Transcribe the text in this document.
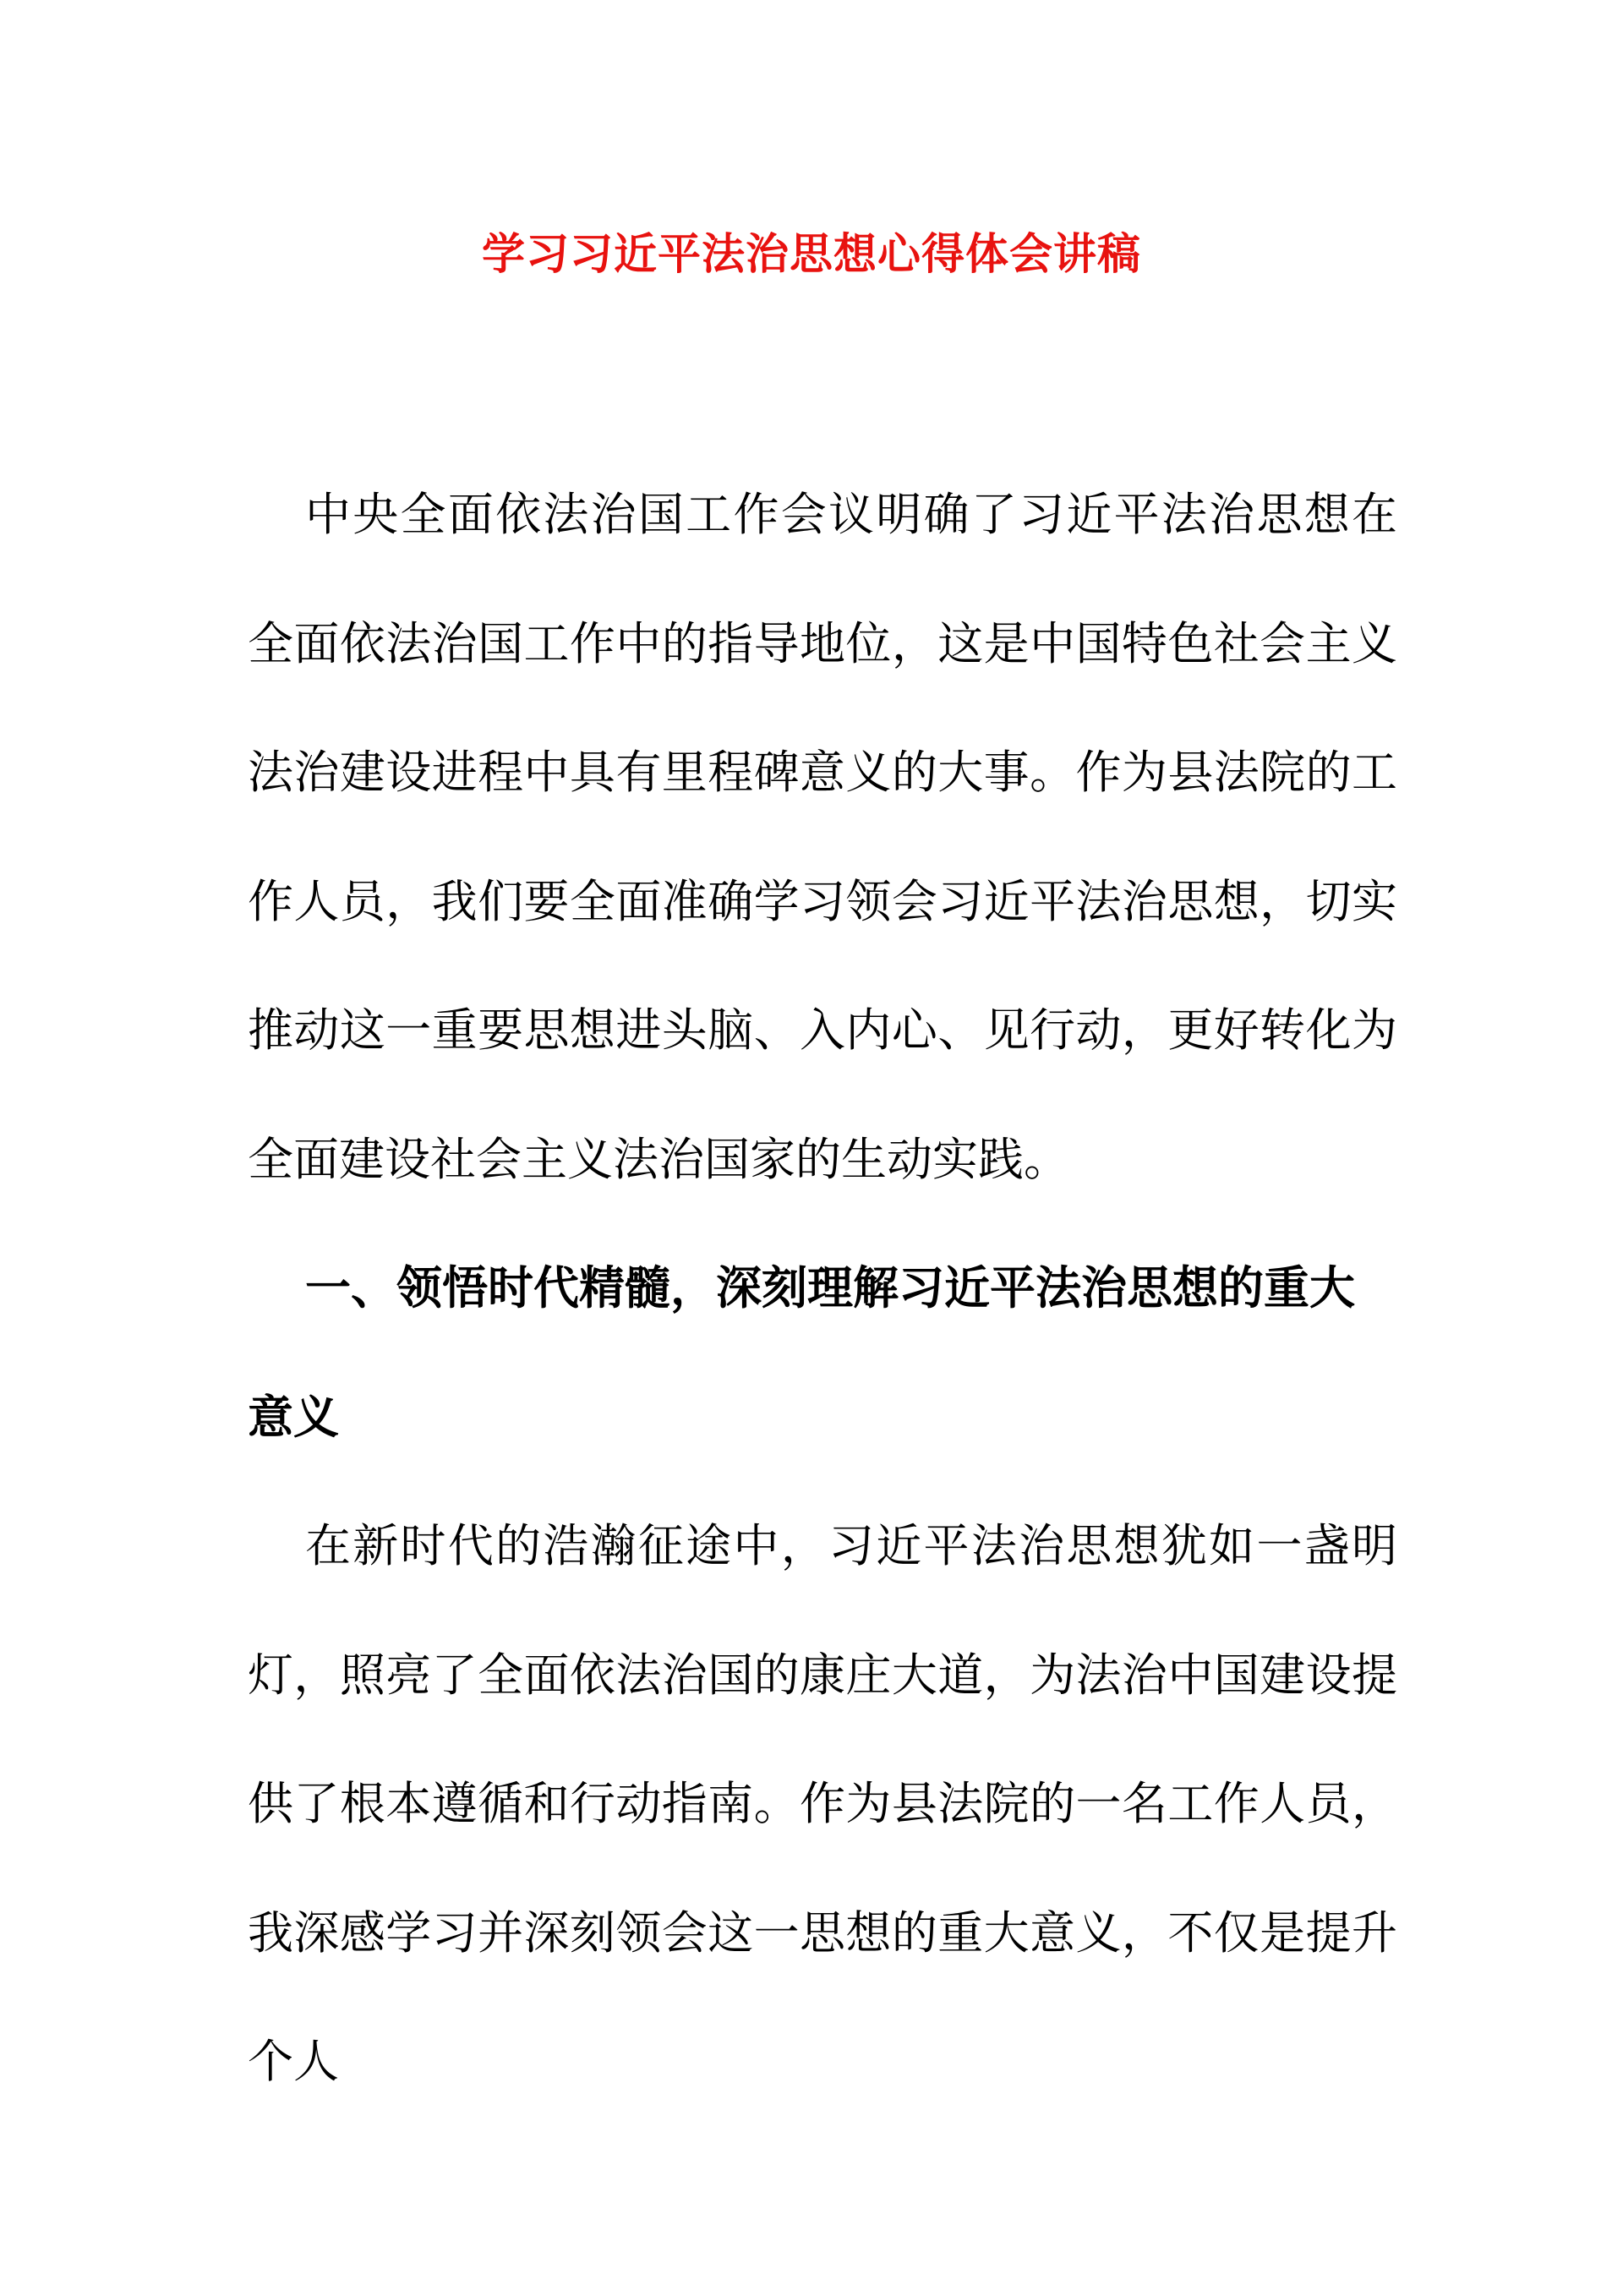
学习习近平法治思想心得体会讲稿

中央全面依法治国工作会议明确了习近平法治思想在全面依法治国工作中的指导地位，这是中国特色社会主义法治建设进程中具有里程碑意义的大事。作为县法院的工作人员，我们要全面准确学习领会习近平法治思想，切实推动这一重要思想进头脑、入内心、见行动，更好转化为全面建设社会主义法治国家的生动实践。

一、领悟时代精髓，深刻理解习近平法治思想的重大意义

在新时代的浩瀚征途中，习近平法治思想犹如一盏明灯，照亮了全面依法治国的康庄大道，为法治中国建设提供了根本遵循和行动指南。作为县法院的一名工作人员，我深感学习并深刻领会这一思想的重大意义，不仅是提升个人
